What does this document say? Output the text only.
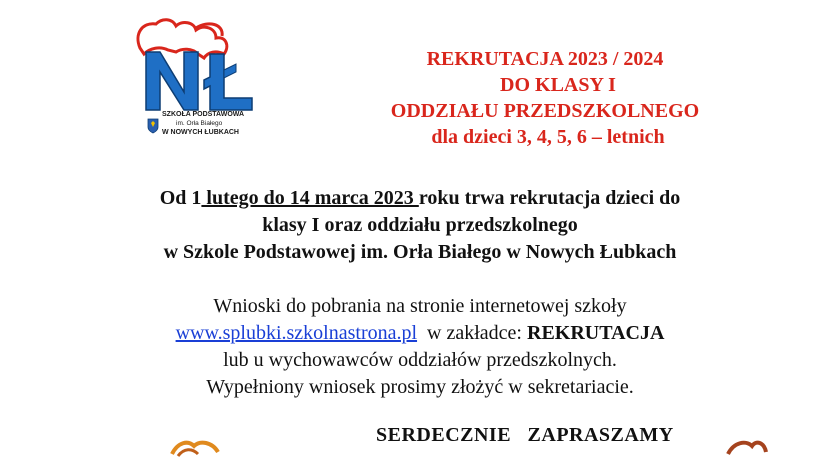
SZKOŁA PODSTAWOWA
im. Orła Białego
W NOWYCH ŁUBKACH
REKRUTACJA 2023 / 2024
DO KLASY I
ODDZIAŁU PRZEDSZKOLNEGO
dla dzieci 3, 4, 5, 6 – letnich
Od 1 lutego do 14 marca 2023 roku trwa rekrutacja dzieci do
klasy I oraz oddziału przedszkolnego
w Szkole Podstawowej im. Orła Białego w Nowych Łubkach
Wnioski do pobrania na stronie internetowej szkoły
www.splubki.szkolnastrona.pl  w zakładce: REKRUTACJA
lub u wychowawców oddziałów przedszkolnych.
Wypełniony wniosek prosimy złożyć w sekretariacie.
SERDECZNIE   ZAPRASZAMY
